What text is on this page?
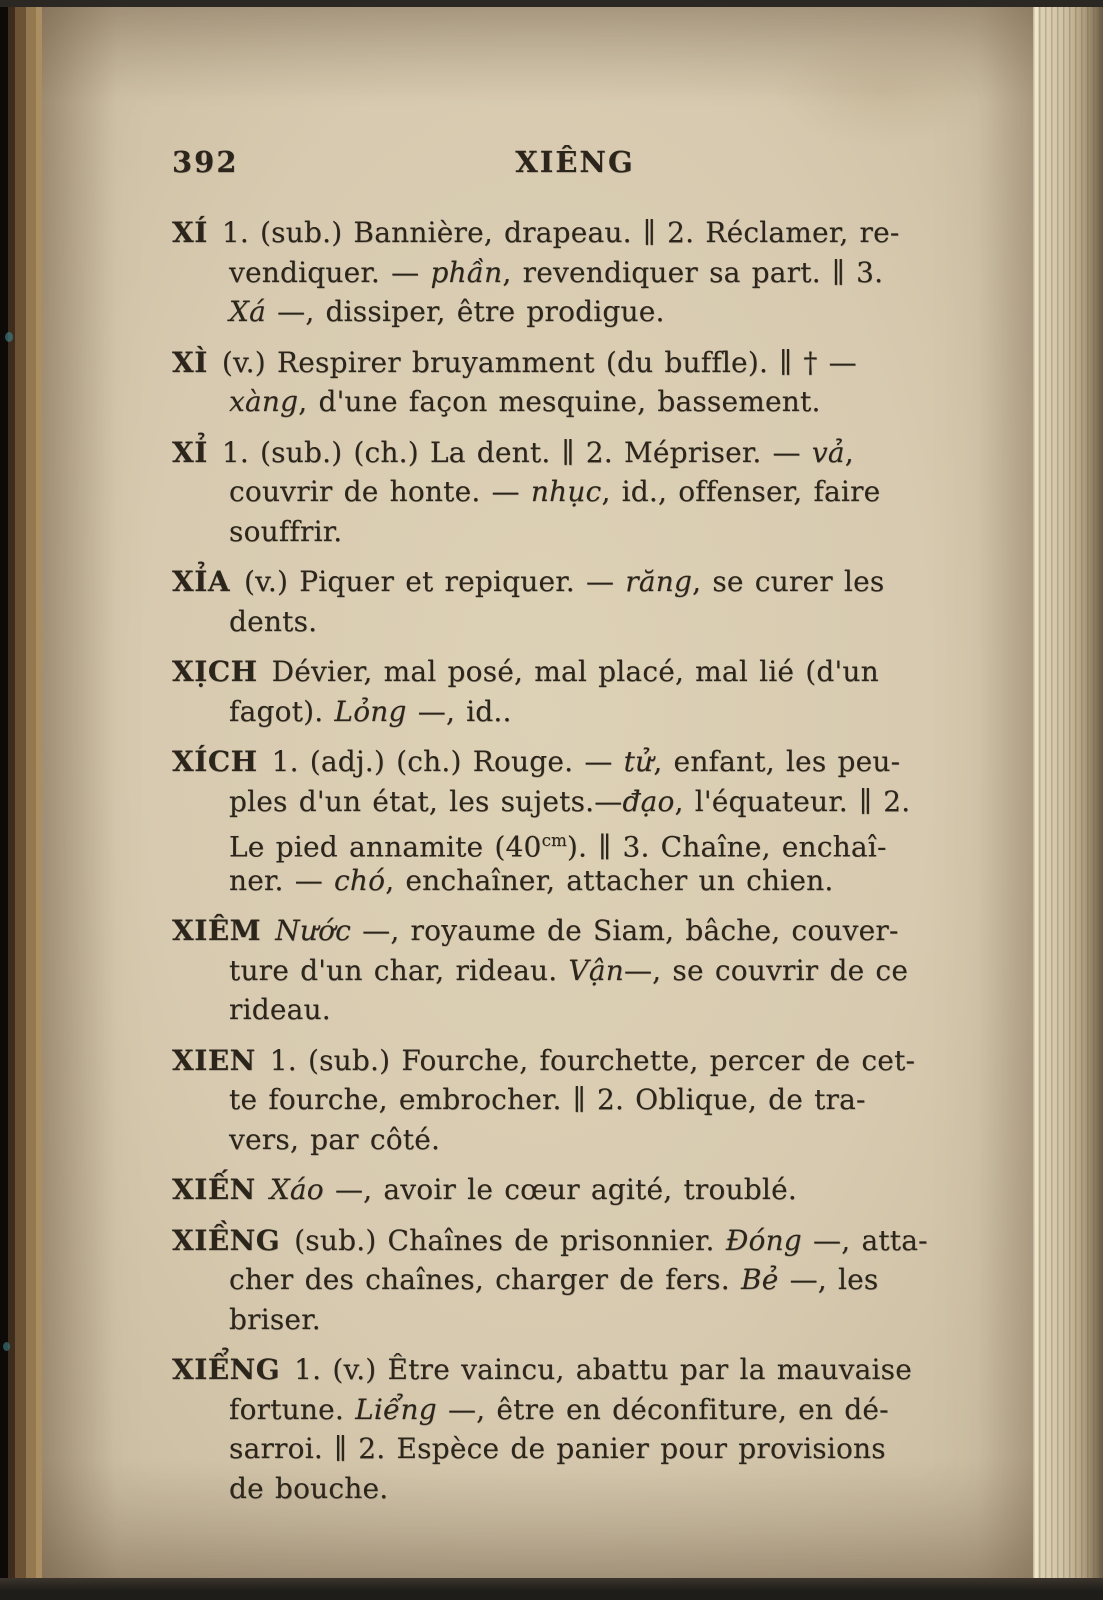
392	XIÊNG
XÍ 1. (sub.) Bannière, drapeau. ∥ 2. Réclamer, re-
vendiquer. — phần, revendiquer sa part. ∥ 3.
Xá —, dissiper, être prodigue.
XÌ (v.) Respirer bruyamment (du buffle). ∥ † —
xàng, d'une façon mesquine, bassement.
XỈ 1. (sub.) (ch.) La dent. ∥ 2. Mépriser. — vả,
couvrir de honte. — nhục, id., offenser, faire
souffrir.
XỈA (v.) Piquer et repiquer. — răng, se curer les
dents.
XỊCH Dévier, mal posé, mal placé, mal lié (d'un
fagot). Lỏng —, id..
XÍCH 1. (adj.) (ch.) Rouge. — tử, enfant, les peu-
ples d'un état, les sujets.—đạo, l'équateur. ∥ 2.
Le pied annamite $(40^{cm})$. ∥ 3. Chaîne, enchaî-
ner. — chó, enchaîner, attacher un chien.
XIÊM Nước —, royaume de Siam, bâche, couver-
ture d'un char, rideau. Vận—, se couvrir de ce
rideau.
XIEN 1. (sub.) Fourche, fourchette, percer de cet-
te fourche, embrocher. ∥ 2. Oblique, de tra-
vers, par côté.
XIẾN Xáo —, avoir le cœur agité, troublé.
XIỀNG (sub.) Chaînes de prisonnier. Đóng —, atta-
cher des chaînes, charger de fers. Bẻ —, les
briser.
XIỂNG 1. (v.) Être vaincu, abattu par la mauvaise
fortune. Liểng —, être en déconfiture, en dé-
sarroi. ∥ 2. Espèce de panier pour provisions
de bouche.
